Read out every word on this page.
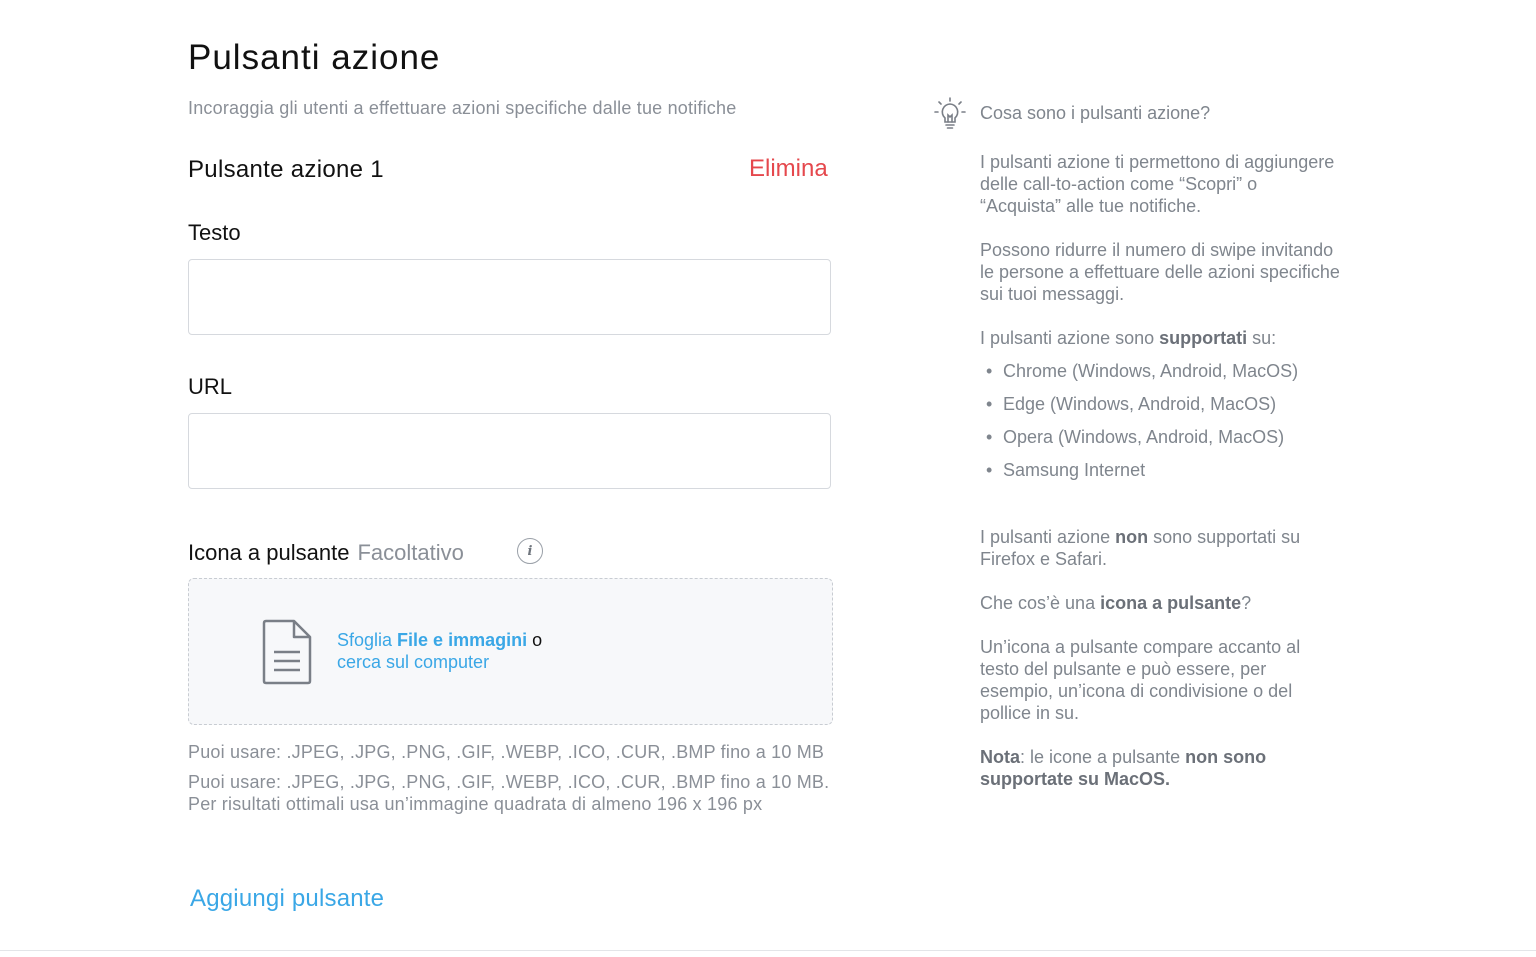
Pulsanti azione
Incoraggia gli utenti a effettuare azioni specifiche dalle tue notifiche
Pulsante azione 1	Elimina
Testo
URL
Icona a pulsante Facoltativo	i
Sfoglia File e immagini o
cerca sul computer
Puoi usare: .JPEG, .JPG, .PNG, .GIF, .WEBP, .ICO, .CUR, .BMP fino a 10 MB
Puoi usare: .JPEG, .JPG, .PNG, .GIF, .WEBP, .ICO, .CUR, .BMP fino a 10 MB.
Per risultati ottimali usa un’immagine quadrata di almeno 196 x 196 px
Aggiungi pulsante
Cosa sono i pulsanti azione?
I pulsanti azione ti permettono di aggiungere delle call-to-action come “Scopri” o “Acquista” alle tue notifiche.
Possono ridurre il numero di swipe invitando le persone a effettuare delle azioni specifiche sui tuoi messaggi.
I pulsanti azione sono supportati su:
• Chrome (Windows, Android, MacOS)
• Edge (Windows, Android, MacOS)
• Opera (Windows, Android, MacOS)
• Samsung Internet
I pulsanti azione non sono supportati su Firefox e Safari.
Che cos’è una icona a pulsante?
Un’icona a pulsante compare accanto al testo del pulsante e può essere, per esempio, un’icona di condivisione o del pollice in su.
Nota: le icone a pulsante non sono supportate su MacOS.
